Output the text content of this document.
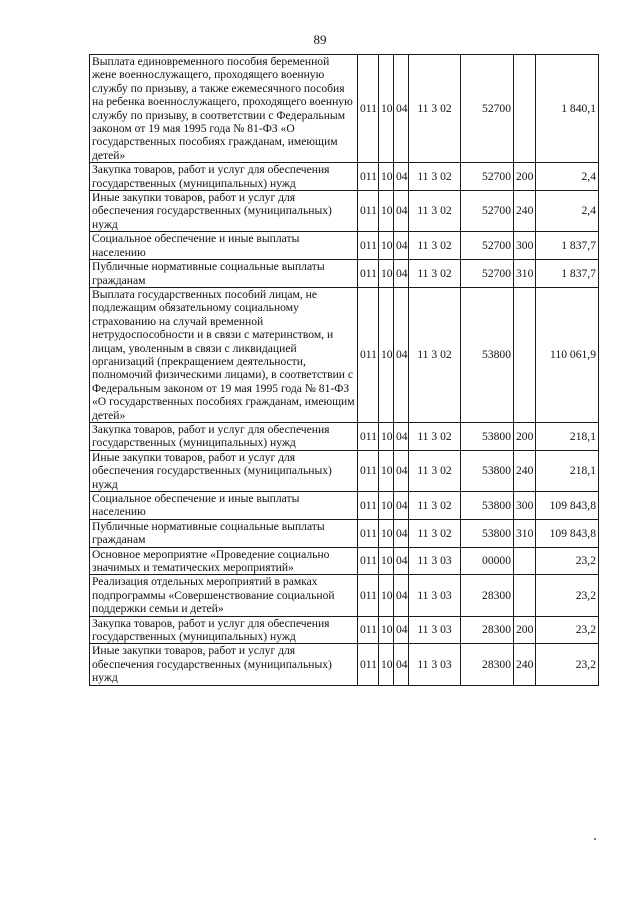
89
Выплата единовременного пособия беременной жене военнослужащего, проходящего военную службу по призыву, а также ежемесячного пособия на ребенка военнослужащего, проходящего военную службу по призыву, в соответствии с Федеральным законом от 19 мая 1995 года № 81-ФЗ «О государственных пособиях гражданам, имеющим детей»	011	10	04	11 3 02	52700		1 840,1
Закупка товаров, работ и услуг для обеспечения государственных (муниципальных) нужд	011	10	04	11 3 02	52700	200	2,4
Иные закупки товаров, работ и услуг для обеспечения государственных (муниципальных) нужд	011	10	04	11 3 02	52700	240	2,4
Социальное обеспечение и иные выплаты населению	011	10	04	11 3 02	52700	300	1 837,7
Публичные нормативные социальные выплаты гражданам	011	10	04	11 3 02	52700	310	1 837,7
Выплата государственных пособий лицам, не подлежащим обязательному социальному страхованию на случай временной нетрудоспособности и в связи с материнством, и лицам, уволенным в связи с ликвидацией организаций (прекращением деятельности, полномочий физическими лицами), в соответствии с Федеральным законом от 19 мая 1995 года № 81-ФЗ «О государственных пособиях гражданам, имеющим детей»	011	10	04	11 3 02	53800		110 061,9
Закупка товаров, работ и услуг для обеспечения государственных (муниципальных) нужд	011	10	04	11 3 02	53800	200	218,1
Иные закупки товаров, работ и услуг для обеспечения государственных (муниципальных) нужд	011	10	04	11 3 02	53800	240	218,1
Социальное обеспечение и иные выплаты населению	011	10	04	11 3 02	53800	300	109 843,8
Публичные нормативные социальные выплаты гражданам	011	10	04	11 3 02	53800	310	109 843,8
Основное мероприятие «Проведение социально значимых и тематических мероприятий»	011	10	04	11 3 03	00000		23,2
Реализация отдельных мероприятий в рамках подпрограммы «Совершенствование социальной поддержки семьи и детей»	011	10	04	11 3 03	28300		23,2
Закупка товаров, работ и услуг для обеспечения государственных (муниципальных) нужд	011	10	04	11 3 03	28300	200	23,2
Иные закупки товаров, работ и услуг для обеспечения государственных (муниципальных) нужд	011	10	04	11 3 03	28300	240	23,2
